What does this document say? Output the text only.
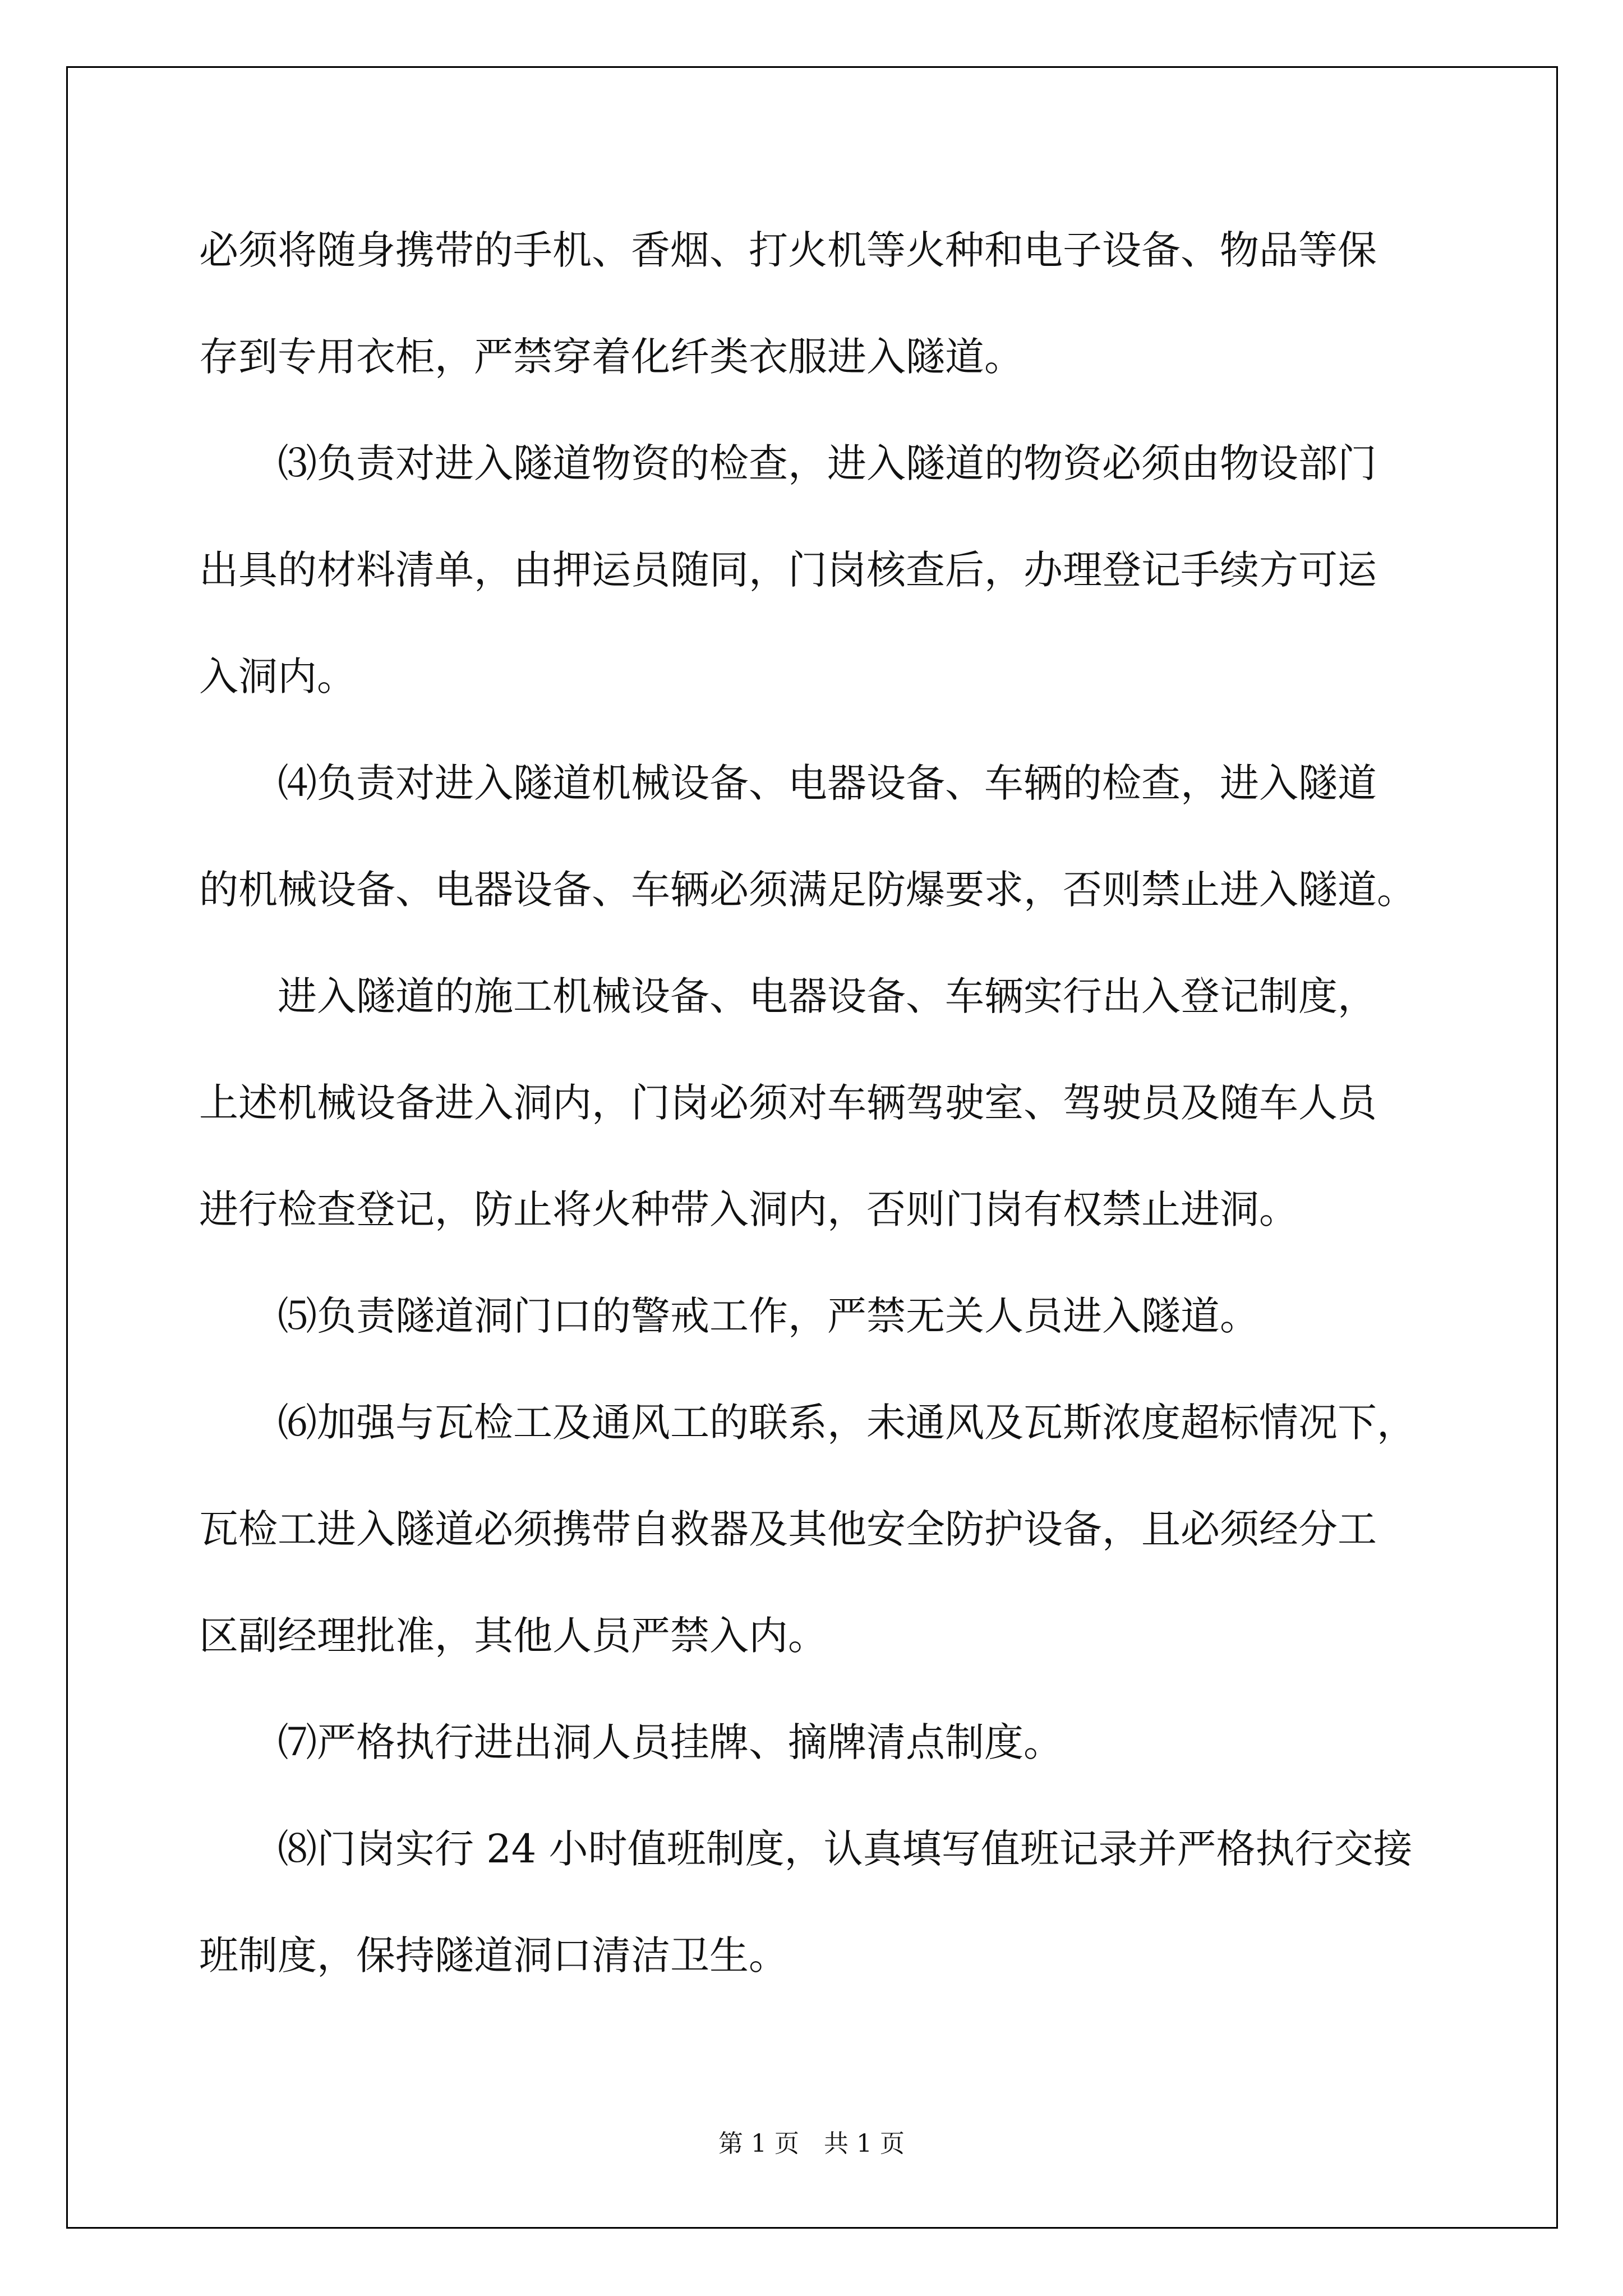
必须将随身携带的手机、香烟、打火机等火种和电子设备、物品等保
存到专用衣柜，严禁穿着化纤类衣服进入隧道。
⑶负责对进入隧道物资的检查，进入隧道的物资必须由物设部门
出具的材料清单，由押运员随同，门岗核查后，办理登记手续方可运
入洞内。
⑷负责对进入隧道机械设备、电器设备、车辆的检查，进入隧道
的机械设备、电器设备、车辆必须满足防爆要求，否则禁止进入隧道。
进入隧道的施工机械设备、电器设备、车辆实行出入登记制度，
上述机械设备进入洞内，门岗必须对车辆驾驶室、驾驶员及随车人员
进行检查登记，防止将火种带入洞内，否则门岗有权禁止进洞。
⑸负责隧道洞门口的警戒工作，严禁无关人员进入隧道。
⑹加强与瓦检工及通风工的联系，未通风及瓦斯浓度超标情况下，
瓦检工进入隧道必须携带自救器及其他安全防护设备，且必须经分工
区副经理批准，其他人员严禁入内。
⑺严格执行进出洞人员挂牌、摘牌清点制度。
⑻门岗实行 24 小时值班制度，认真填写值班记录并严格执行交接
班制度，保持隧道洞口清洁卫生。
第 1 页　共 1 页
